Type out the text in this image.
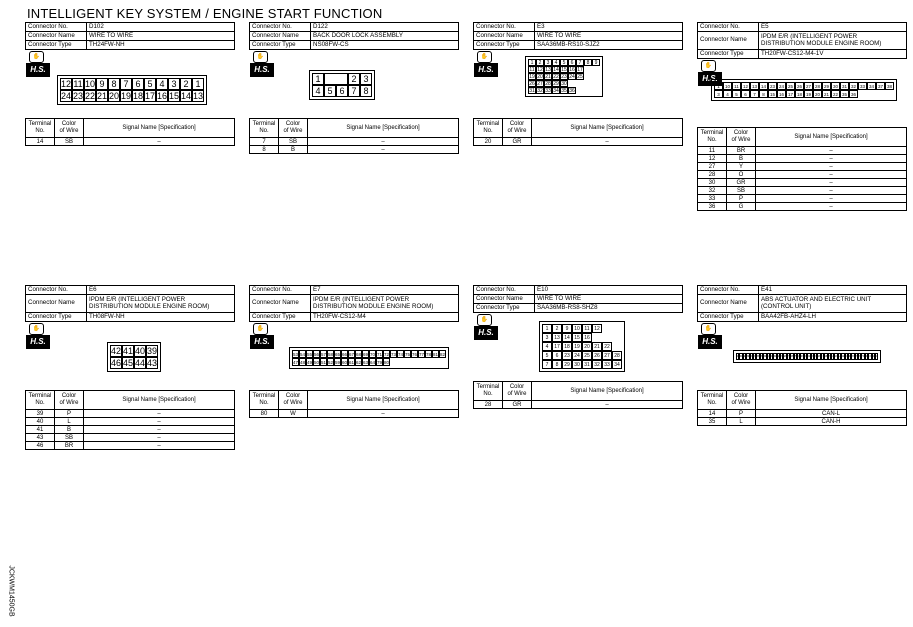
INTELLIGENT KEY SYSTEM / ENGINE START FUNCTION
JCKWM1450GB
Connector No.	D102
Connector Name	WIRE TO WIRE
Connector Type	TH24FW-NH
✋
H.S.
12 11 10 9 8 7 6 5 4 3 2 1
24 23 22 21 20 19 18 17 16 15 14 13
Terminal
No.	Color
of Wire	Signal Name [Specification]
14	SB	–
Connector No.	D122
Connector Name	BACK DOOR LOCK ASSEMBLY
Connector Type	NS08FW-CS
✋
H.S.
1	2 3
4 5 6 7 8
Terminal
No.	Color
of Wire	Signal Name [Specification]
7	SB	–
8	B	–
Connector No.	E3
Connector Name	WIRE TO WIRE
Connector Type	SAA36MB-RS10-SJZ2
✋
H.S.
1	2	3	4	5	6	7	8	9
11 12 13 14 15 16 17
19 20 21 22 23 24 25
26 27 28 29 30
31 32 33 34 35 36
Terminal
No.	Color
of Wire	Signal Name [Specification]
20	GR	–
Connector No.	E5
Connector Name	IPDM E/R (INTELLIGENT POWER
DISTRIBUTION MODULE ENGINE ROOM)
Connector Type	TH20FW-CS12-M4-1V
✋
H.S.
1	10 11 12 13 14 23 24 25 26 27 28 29 30 31 32 33 34 37 38
3	4	5	6	7	8	15 16 17 18 19 20 21 22 35 36
Terminal
No.	Color
of Wire	Signal Name [Specification]
11	BR	–
12	B	–
27	Y	–
28	O	–
30	GR	–
32	SB	–
33	P	–
36	G	–
Connector No.	E6
Connector Name	IPDM E/R (INTELLIGENT POWER
DISTRIBUTION MODULE ENGINE ROOM)
Connector Type	TH08FW-NH
✋
H.S.
42 41 40 39
46 45 44 43
Terminal
No.	Color
of Wire	Signal Name [Specification]
39	P	–
40	L	–
41	B	–
43	SB	–
46	BR	–
Connector No.	E7
Connector Name	IPDM E/R (INTELLIGENT POWER
DISTRIBUTION MODULE ENGINE ROOM)
Connector Type	TH20FW-CS12-M4
✋
H.S.
53 54 55 56 57 58 65 66 67 68 69 70 71 72 73 74 75 76 77 78 81 82
47 48 49 50 51 52 59 60 61 62 63 64 79 80
Terminal
No.	Color
of Wire	Signal Name [Specification]
80	W	–
Connector No.	E10
Connector Name	WIRE TO WIRE
Connector Type	SAA36MB-RS8-SHZ8
✋
H.S.	1	2	9	10 11 12
3	13 14 15 16
4	17 18 19 20 21 22
5	6	23 24 25 26 27 28
7	8	29 30 31 32 33 34
Terminal
No.	Color
of Wire	Signal Name [Specification]
28	GR	–
Connector No.	E41
Connector Name	ABS ACTUATOR AND ELECTRIC UNIT
(CONTROL UNIT)
Connector Type	BAA42FB-AHZ4-LH
✋
H.S.
42 41 40 39 38 37 36 35 34 33 32 31 30 29 28 27 26 25 24 23 22 21 20 19 18 17 16 15 14 13 12 11 10 9 8 7 6 5 4 3 2 1
Terminal
No.	Color
of Wire	Signal Name [Specification]
14	P	CAN-L
35	L	CAN-H
